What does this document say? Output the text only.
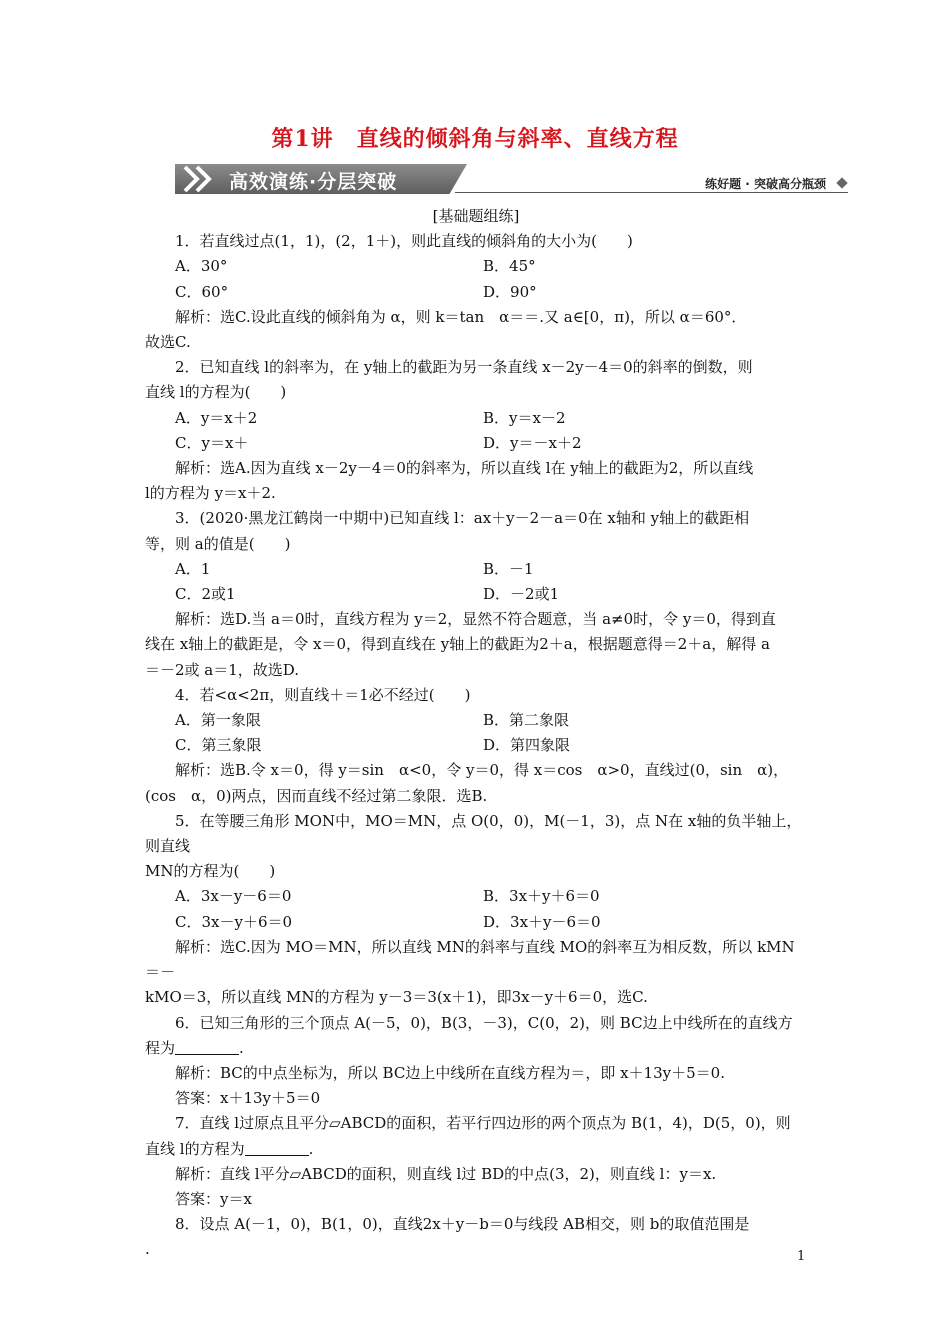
第1讲　直线的倾斜角与斜率、直线方程
高效演练·分层突破	练好题 · 突破高分瓶颈

[基础题组练]

1．若直线过点(1，1)，(2，1＋)，则此直线的倾斜角的大小为(　　)

A．30°	B．45°

C．60°	D．90°

解析：选C.设此直线的倾斜角为 α，则 k＝tan　α＝＝.又 a∈[0，π)，所以 α＝60°．

故选C.

2．已知直线 l的斜率为，在 y轴上的截距为另一条直线 x－2y－4＝0的斜率的倒数，则

直线 l的方程为(　　)

A．y＝x＋2	B．y＝x－2

C．y＝x＋	D．y＝－x＋2

解析：选A.因为直线 x－2y－4＝0的斜率为，所以直线 l在 y轴上的截距为2，所以直线

l的方程为 y＝x＋2.

3．(2020·黑龙江鹤岗一中期中)已知直线 l：ax＋y－2－a＝0在 x轴和 y轴上的截距相

等，则 a的值是(　　)

A．1	B．－1

C．2或1	D．－2或1

解析：选D.当 a＝0时，直线方程为 y＝2，显然不符合题意，当 a≠0时，令 y＝0，得到直

线在 x轴上的截距是，令 x＝0，得到直线在 y轴上的截距为2＋a，根据题意得＝2＋a，解得 a

＝－2或 a＝1，故选D.

4．若<α<2π，则直线＋＝1必不经过(　　)

A．第一象限	B．第二象限

C．第三象限	D．第四象限

解析：选B.令 x＝0，得 y＝sin　α<0，令 y＝0，得 x＝cos　α>0，直线过(0，sin　α)，

(cos　α，0)两点，因而直线不经过第二象限．选B.

5．在等腰三角形 MON中，MO＝MN，点 O(0，0)，M(－1，3)，点 N在 x轴的负半轴上，则直线

MN的方程为(　　)

A．3x－y－6＝0	B．3x＋y＋6＝0

C．3x－y＋6＝0	D．3x＋y－6＝0

解析：选C.因为 MO＝MN，所以直线 MN的斜率与直线 MO的斜率互为相反数，所以 kMN＝－

kMO＝3，所以直线 MN的方程为 y－3＝3(x＋1)，即3x－y＋6＝0，选C.

6．已知三角形的三个顶点 A(－5，0)，B(3，－3)，C(0，2)，则 BC边上中线所在的直线方

程为	.

解析：BC的中点坐标为，所以 BC边上中线所在直线方程为＝，即 x＋13y＋5＝0.

答案：x＋13y＋5＝0

7．直线 l过原点且平分▱ABCD的面积，若平行四边形的两个顶点为 B(1，4)，D(5，0)，则

直线 l的方程为	.

解析：直线 l平分▱ABCD的面积，则直线 l过 BD的中点(3，2)，则直线 l：y＝x.

答案：y＝x

8．设点 A(－1，0)，B(1，0)，直线2x＋y－b＝0与线段 AB相交，则 b的取值范围是

.	1
